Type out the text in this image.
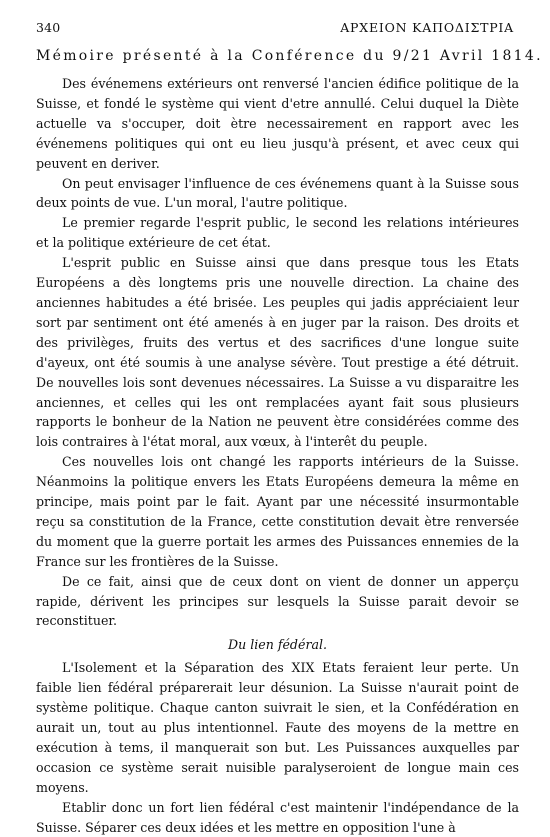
340	ΑΡΧΕΙΟΝ ΚΑΠΟΔΙΣΤΡΙΑ
Mémoire présenté à la Conférence du 9/21 Avril 1814.

Des événemens extérieurs ont renversé l'ancien édifice politique de la Suisse, et fondé le système qui vient d'etre annullé. Celui duquel la Diète actuelle va s'occuper, doit ètre necessairement en rapport avec les événemens politiques qui ont eu lieu jusqu'à présent, et avec ceux qui peuvent en deriver.

On peut envisager l'influence de ces événemens quant à la Suisse sous deux points de vue. L'un moral, l'autre politique.

Le premier regarde l'esprit public, le second les relations intérieures et la politique extérieure de cet état.

L'esprit public en Suisse ainsi que dans presque tous les Etats Européens a dès longtems pris une nouvelle direction. La chaine des anciennes habitudes a été brisée. Les peuples qui jadis appréciaient leur sort par sentiment ont été amenés à en juger par la raison. Des droits et des privilèges, fruits des vertus et des sacrifices d'une longue suite d'ayeux, ont été soumis à une analyse sévère. Tout prestige a été détruit. De nouvelles lois sont devenues nécessaires. La Suisse a vu disparaitre les anciennes, et celles qui les ont remplacées ayant fait sous plusieurs rapports le bonheur de la Nation ne peuvent ètre considérées comme des lois contraires à l'état moral, aux vœux, à l'interêt du peuple.

Ces nouvelles lois ont changé les rapports intérieurs de la Suisse. Néanmoins la politique envers les Etats Européens demeura la même en principe, mais point par le fait. Ayant par une nécessité insurmontable reçu sa constitution de la France, cette constitution devait ètre renversée du moment que la guerre portait les armes des Puissances ennemies de la France sur les frontières de la Suisse.

De ce fait, ainsi que de ceux dont on vient de donner un apperçu rapide, dérivent les principes sur lesquels la Suisse parait devoir se reconstituer.

Du lien fédéral.

L'Isolement et la Séparation des XIX Etats feraient leur perte. Un faible lien fédéral préparerait leur désunion. La Suisse n'aurait point de système politique. Chaque canton suivrait le sien, et la Confédération en aurait un, tout au plus intentionnel. Faute des moyens de la mettre en exécution à tems, il manquerait son but. Les Puissances auxquelles par occasion ce système serait nuisible paralyseroient de longue main ces moyens.

Etablir donc un fort lien fédéral c'est maintenir l'indépendance de la Suisse. Séparer ces deux idées et les mettre en opposition l'une à
